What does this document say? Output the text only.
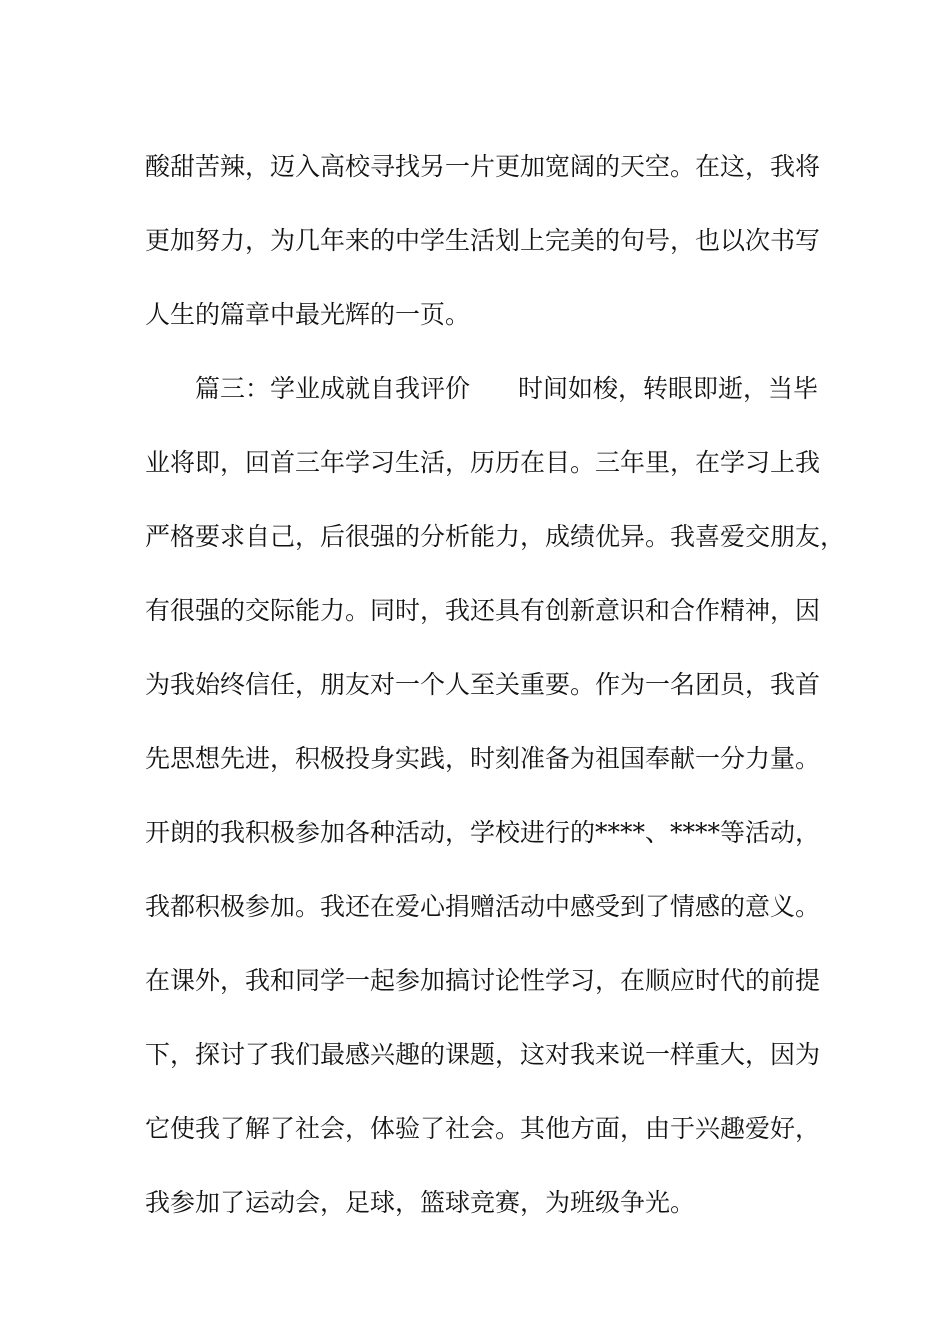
酸甜苦辣，迈入高校寻找另一片更加宽阔的天空。在这，我将
更加努力，为几年来的中学生活划上完美的句号，也以次书写
人生的篇章中最光辉的一页。
篇三：学业成就自我评价 时间如梭，转眼即逝，当毕
业将即，回首三年学习生活，历历在目。三年里，在学习上我
严格要求自己，后很强的分析能力，成绩优异。我喜爱交朋友，
有很强的交际能力。同时，我还具有创新意识和合作精神，因
为我始终信任，朋友对一个人至关重要。作为一名团员，我首
先思想先进，积极投身实践，时刻准备为祖国奉献一分力量。
开朗的我积极参加各种活动，学校进行的****、****等活动，
我都积极参加。我还在爱心捐赠活动中感受到了情感的意义。
在课外，我和同学一起参加搞讨论性学习，在顺应时代的前提
下，探讨了我们最感兴趣的课题，这对我来说一样重大，因为
它使我了解了社会，体验了社会。其他方面，由于兴趣爱好，
我参加了运动会，足球，篮球竞赛，为班级争光。
